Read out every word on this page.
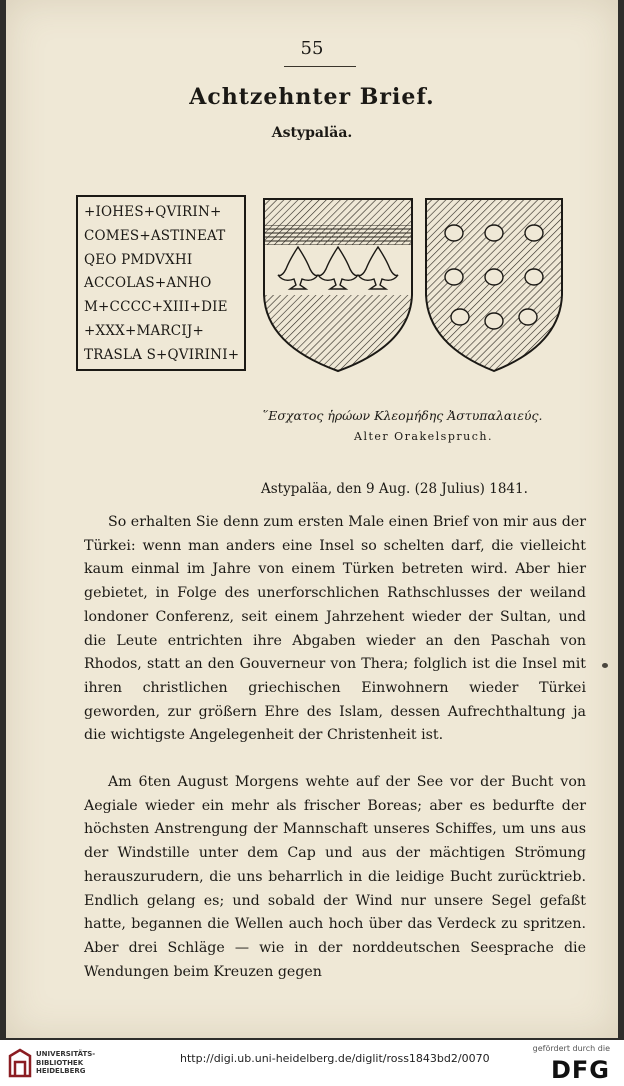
55
Achtzehnter Brief.
Astypaläa.
+IOHES+QVIRIN+
COMES+ASTINEAT
QEO PMDVXHI
ACCOLAS+ANHO
M+CCCC+XIII+DIE
+XXX+MARCIJ+
TRASLA S+QVIRINI+
῞Εσχατος ἡρώων Κλεομήδης Ἀστυπαλαιεύς.
Alter Orakelspruch.
Astypaläa, den 9 Aug. (28 Julius) 1841.

So erhalten Sie denn zum ersten Male einen Brief von mir aus der Türkei: wenn man anders eine Insel so schelten darf, die vielleicht kaum einmal im Jahre von einem Türken betreten wird. Aber hier gebietet, in Folge des unerforschlichen Rathschlusses der weiland londoner Conferenz, seit einem Jahrzehent wieder der Sultan, und die Leute entrichten ihre Abgaben wieder an den Paschah von Rhodos, statt an den Gouverneur von Thera; folglich ist die Insel mit ihren christlichen griechischen Einwohnern wieder Türkei geworden, zur größern Ehre des Islam, dessen Aufrechthaltung ja die wichtigste Angelegenheit der Christenheit ist.

Am 6ten August Morgens wehte auf der See vor der Bucht von Aegiale wieder ein mehr als frischer Boreas; aber es bedurfte der höchsten Anstrengung der Mannschaft unseres Schiffes, um uns aus der Windstille unter dem Cap und aus der mächtigen Strömung herauszurudern, die uns beharrlich in die leidige Bucht zurücktrieb. Endlich gelang es; und sobald der Wind nur unsere Segel gefaßt hatte, begannen die Wellen auch hoch über das Verdeck zu spritzen. Aber drei Schläge — wie in der norddeutschen Seesprache die Wendungen beim Kreuzen gegen

UNIVERSITÄTS-
BIBLIOTHEK
HEIDELBERG
http://digi.ub.uni-heidelberg.de/diglit/ross1843bd2/0070
gefördert durch die
DFG
